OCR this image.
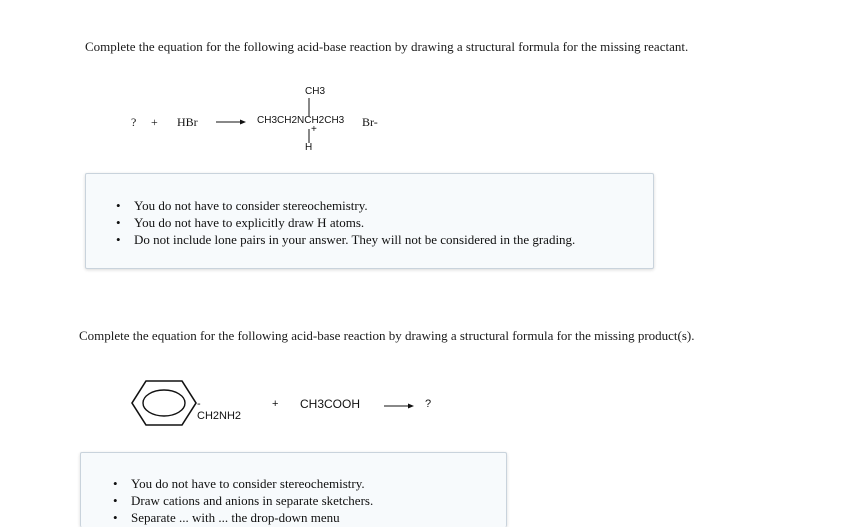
Complete the equation for the following acid-base reaction by drawing a structural formula for the missing reactant.
? + HBr
CH3
CH3CH2NCH2CH3
+
H
Br-
• You do not have to consider stereochemistry.
• You do not have to explicitly draw H atoms.
• Do not include lone pairs in your answer. They will not be considered in the grading.
Complete the equation for the following acid-base reaction by drawing a structural formula for the missing product(s).
-CH2NH2
+ CH3COOH → ?
• You do not have to consider stereochemistry.
• Draw cations and anions in separate sketchers.
• Separate ... with ... the drop-down menu
